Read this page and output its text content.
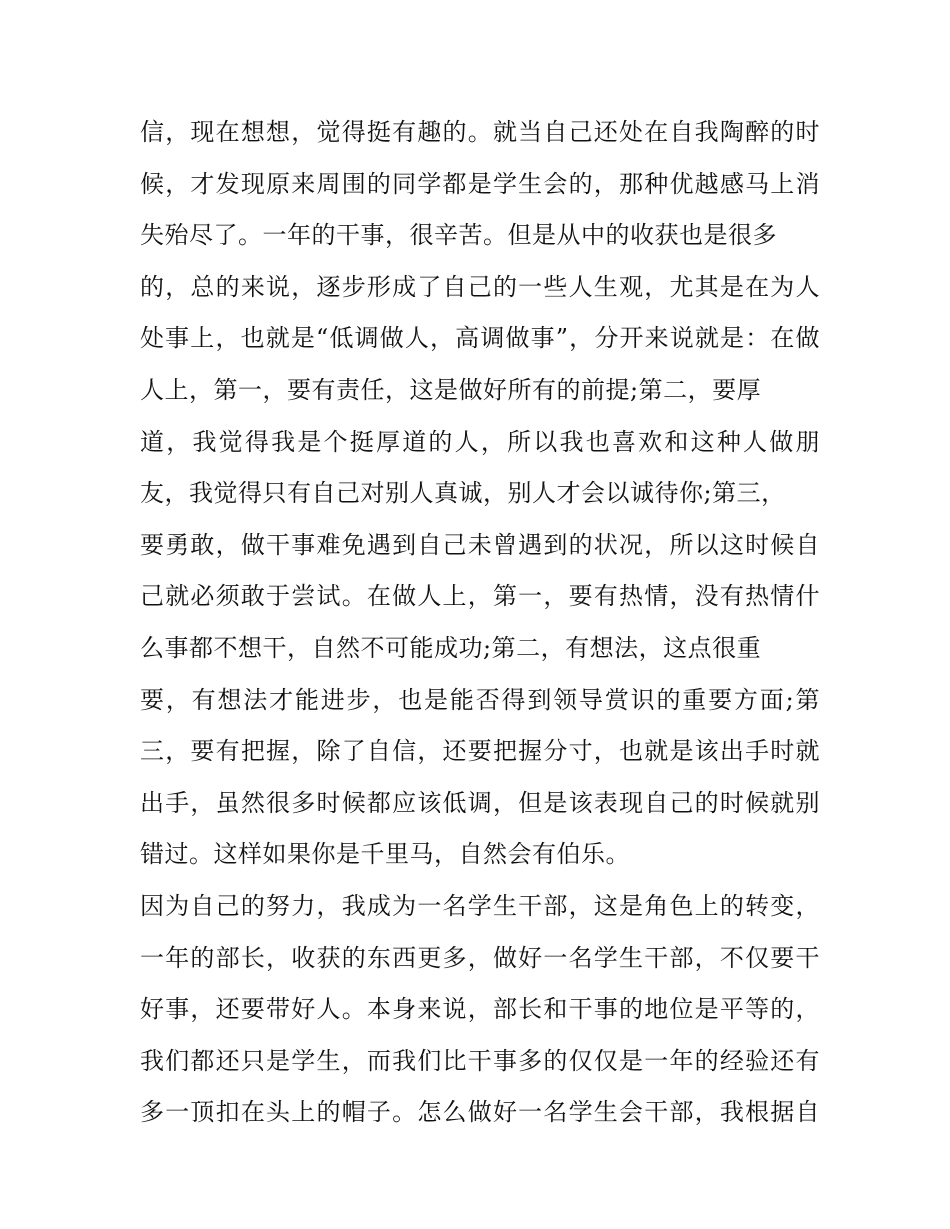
信，现在想想，觉得挺有趣的。就当自己还处在自我陶醉的时
候，才发现原来周围的同学都是学生会的，那种优越感马上消
失殆尽了。一年的干事，很辛苦。但是从中的收获也是很多
的，总的来说，逐步形成了自己的一些人生观，尤其是在为人
处事上，也就是“低调做人，高调做事”，分开来说就是：在做
人上，第一，要有责任，这是做好所有的前提;第二，要厚
道，我觉得我是个挺厚道的人，所以我也喜欢和这种人做朋
友，我觉得只有自己对别人真诚，别人才会以诚待你;第三，
要勇敢，做干事难免遇到自己未曾遇到的状况，所以这时候自
己就必须敢于尝试。在做人上，第一，要有热情，没有热情什
么事都不想干，自然不可能成功;第二，有想法，这点很重
要，有想法才能进步，也是能否得到领导赏识的重要方面;第
三，要有把握，除了自信，还要把握分寸，也就是该出手时就
出手，虽然很多时候都应该低调，但是该表现自己的时候就别
错过。这样如果你是千里马，自然会有伯乐。
因为自己的努力，我成为一名学生干部，这是角色上的转变，
一年的部长，收获的东西更多，做好一名学生干部，不仅要干
好事，还要带好人。本身来说，部长和干事的地位是平等的，
我们都还只是学生，而我们比干事多的仅仅是一年的经验还有
多一顶扣在头上的帽子。怎么做好一名学生会干部，我根据自
